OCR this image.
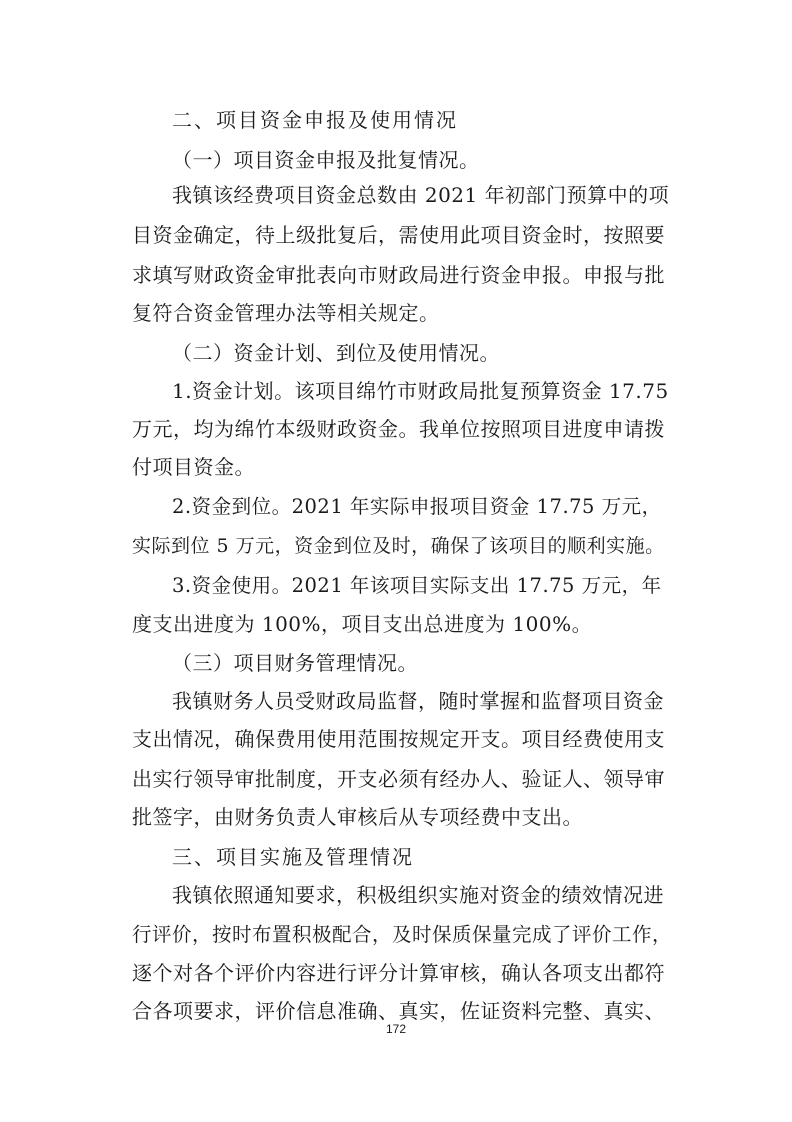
二、项目资金申报及使用情况
（一）项目资金申报及批复情况。
我镇该经费项目资金总数由 2021 年初部门预算中的项
目资金确定，待上级批复后，需使用此项目资金时，按照要
求填写财政资金审批表向市财政局进行资金申报。申报与批
复符合资金管理办法等相关规定。
（二）资金计划、到位及使用情况。
1.资金计划。该项目绵竹市财政局批复预算资金 17.75
万元，均为绵竹本级财政资金。我单位按照项目进度申请拨
付项目资金。
2.资金到位。2021 年实际申报项目资金 17.75 万元，
实际到位 5 万元，资金到位及时，确保了该项目的顺利实施。
3.资金使用。2021 年该项目实际支出 17.75 万元，年
度支出进度为 100%，项目支出总进度为 100%。
（三）项目财务管理情况。
我镇财务人员受财政局监督，随时掌握和监督项目资金
支出情况，确保费用使用范围按规定开支。项目经费使用支
出实行领导审批制度，开支必须有经办人、验证人、领导审
批签字，由财务负责人审核后从专项经费中支出。
三、项目实施及管理情况
我镇依照通知要求，积极组织实施对资金的绩效情况进
行评价，按时布置积极配合，及时保质保量完成了评价工作，
逐个对各个评价内容进行评分计算审核，确认各项支出都符
合各项要求，评价信息准确、真实，佐证资料完整、真实、
172
